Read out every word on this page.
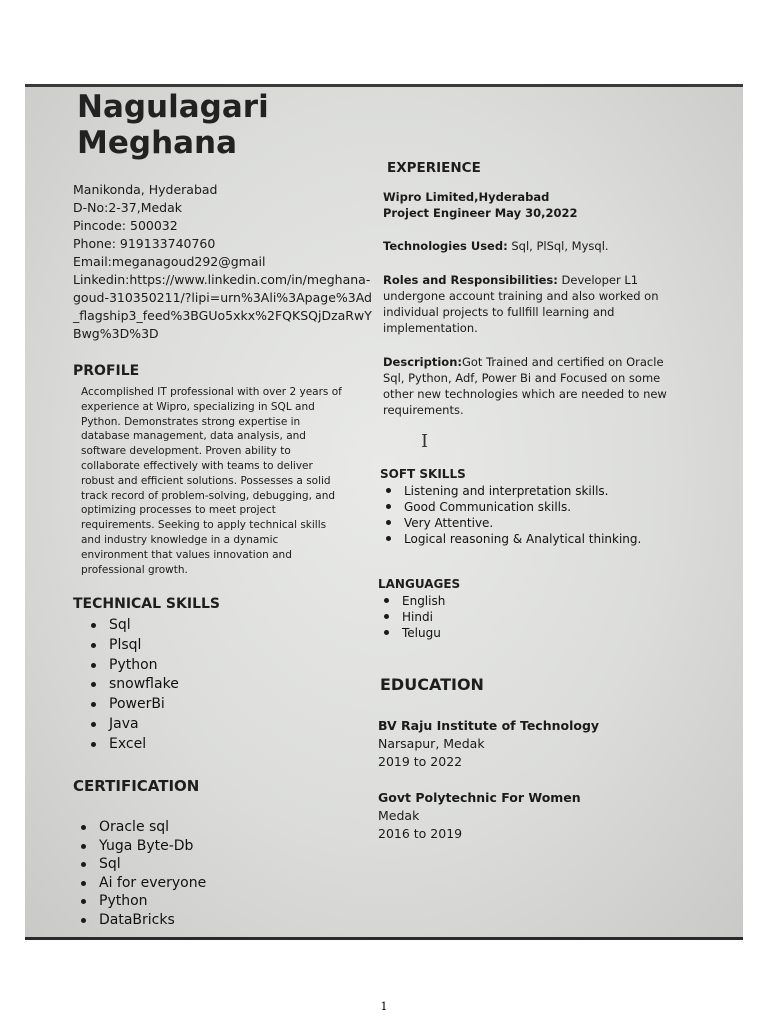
Nagulagari
Meghana
Manikonda, Hyderabad
D-No:2-37,Medak
Pincode: 500032
Phone: 919133740760
Email:meganagoud292@gmail
Linkedin:https://www.linkedin.com/in/meghana-goud-310350211/?lipi=urn%3Ali%3Apage%3Ad_flagship3_feed%3BGUo5xkx%2FQKSQjDzaRwYBwg%3D%3D
PROFILE
Accomplished IT professional with over 2 years of experience at Wipro, specializing in SQL and Python. Demonstrates strong expertise in database management, data analysis, and software development. Proven ability to collaborate effectively with teams to deliver robust and efficient solutions. Possesses a solid track record of problem-solving, debugging, and optimizing processes to meet project requirements. Seeking to apply technical skills and industry knowledge in a dynamic environment that values innovation and professional growth.
TECHNICAL SKILLS
Sql
Plsql
Python
snowflake
PowerBi
Java
Excel
CERTIFICATION
Oracle sql
Yuga Byte-Db
Sql
Ai for everyone
Python
DataBricks
EXPERIENCE
Wipro Limited,Hyderabad
Project Engineer May 30,2022
Technologies Used: Sql, PlSql, Mysql.
Roles and Responsibilities: Developer L1 undergone account training and also worked on individual projects to fullfill learning and implementation.
Description:Got Trained and certified on Oracle Sql, Python, Adf, Power Bi and Focused on some other new technologies which are needed to new requirements.
I
SOFT SKILLS
Listening and interpretation skills.
Good Communication skills.
Very Attentive.
Logical reasoning & Analytical thinking.
LANGUAGES
English
Hindi
Telugu
EDUCATION
BV Raju Institute of Technology
Narsapur, Medak
2019 to 2022
Govt Polytechnic For Women
Medak
2016 to 2019
1
